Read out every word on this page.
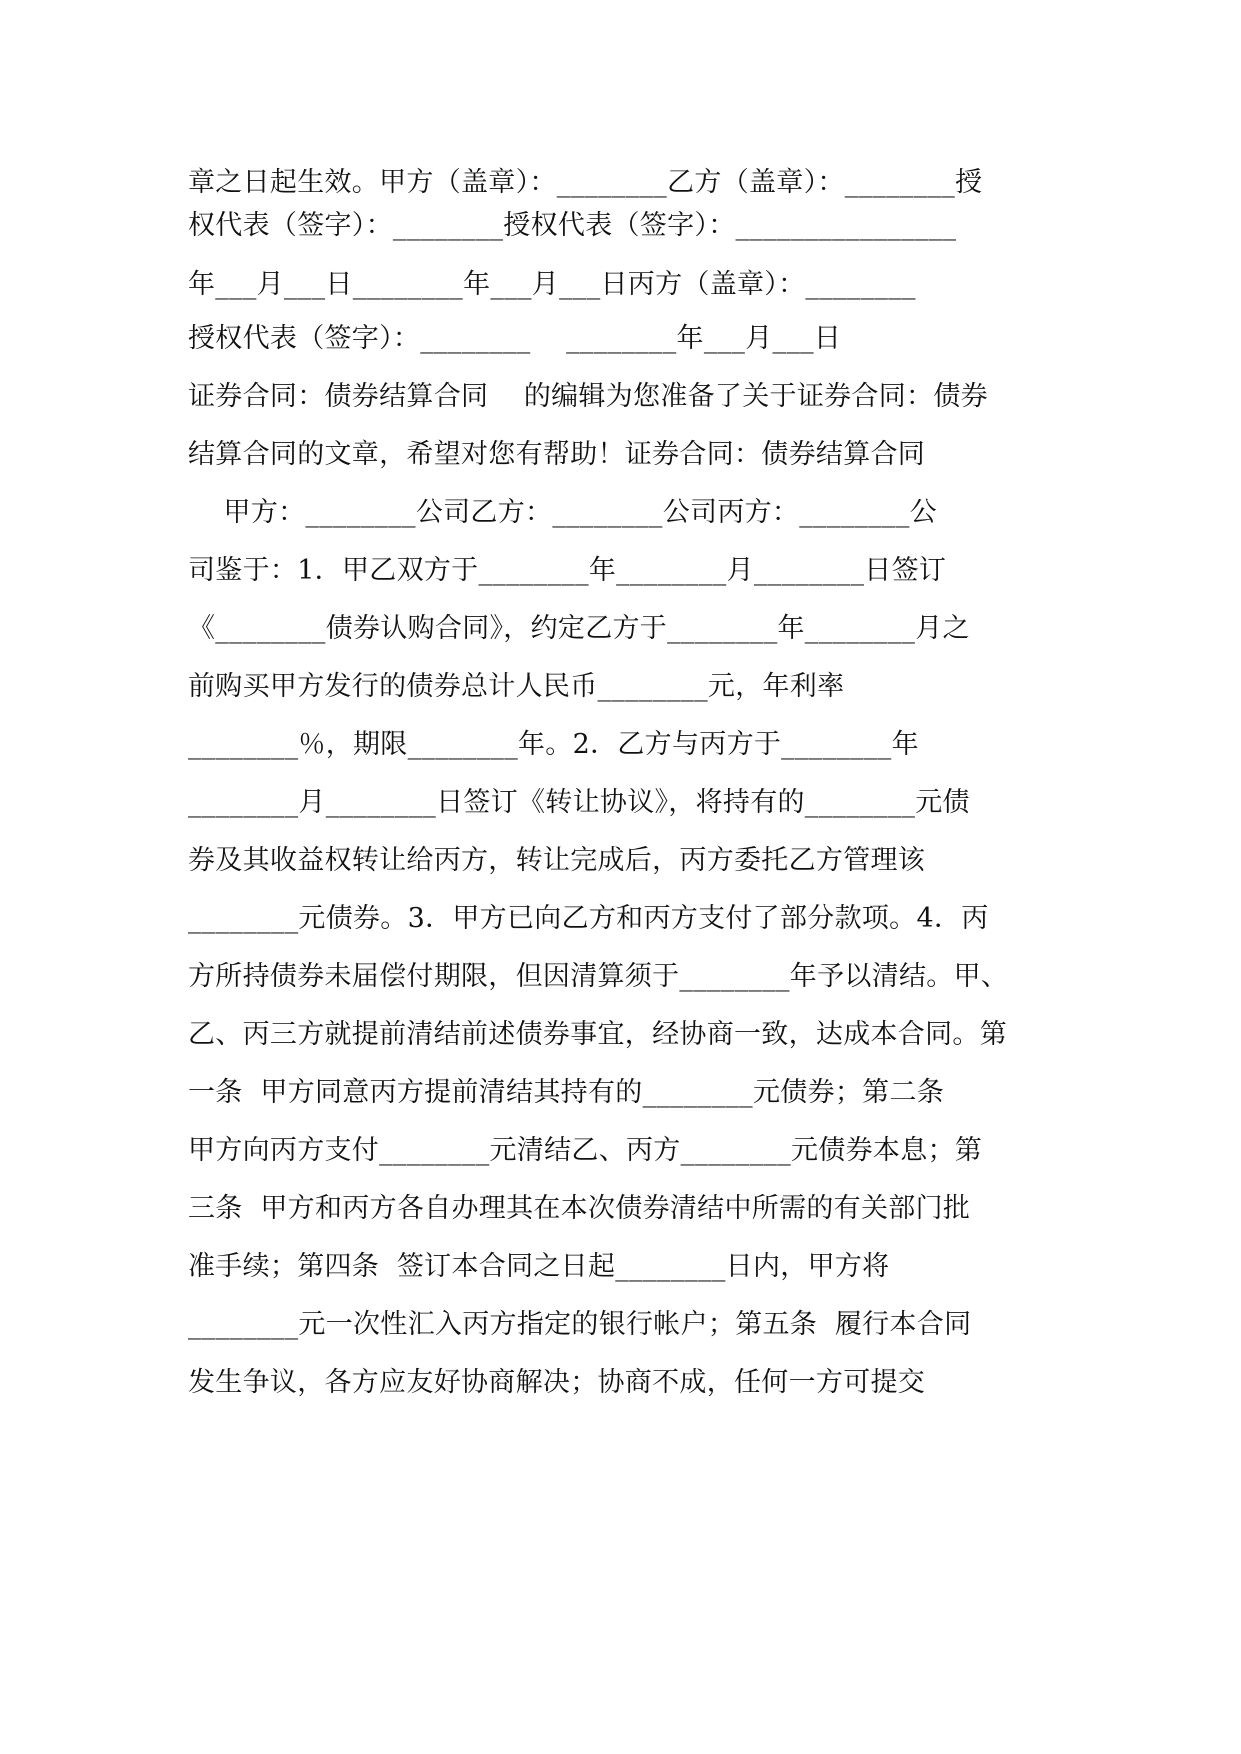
章之日起生效。甲方（盖章）：________乙方（盖章）：________授
权代表（签字）：________授权代表（签字）：________________
年___月___日________年___月___日丙方（盖章）：________
授权代表（签字）：________    ________年___月___日
证券合同：债券结算合同    的编辑为您准备了关于证券合同：债券
结算合同的文章，希望对您有帮助！证券合同：债券结算合同
甲方：________公司乙方：________公司丙方：________公
司鉴于：1．甲乙双方于________年________月________日签订
《________债券认购合同》，约定乙方于________年________月之
前购买甲方发行的债券总计人民币________元，年利率
________％，期限________年。2．乙方与丙方于________年
________月________日签订《转让协议》，将持有的________元债
券及其收益权转让给丙方，转让完成后，丙方委托乙方管理该
________元债券。3．甲方已向乙方和丙方支付了部分款项。4．丙
方所持债券未届偿付期限，但因清算须于________年予以清结。甲、
乙、丙三方就提前清结前述债券事宜，经协商一致，达成本合同。第
一条  甲方同意丙方提前清结其持有的________元债券；第二条
甲方向丙方支付________元清结乙、丙方________元债券本息；第
三条  甲方和丙方各自办理其在本次债券清结中所需的有关部门批
准手续；第四条  签订本合同之日起________日内，甲方将
________元一次性汇入丙方指定的银行帐户；第五条  履行本合同
发生争议，各方应友好协商解决；协商不成，任何一方可提交
